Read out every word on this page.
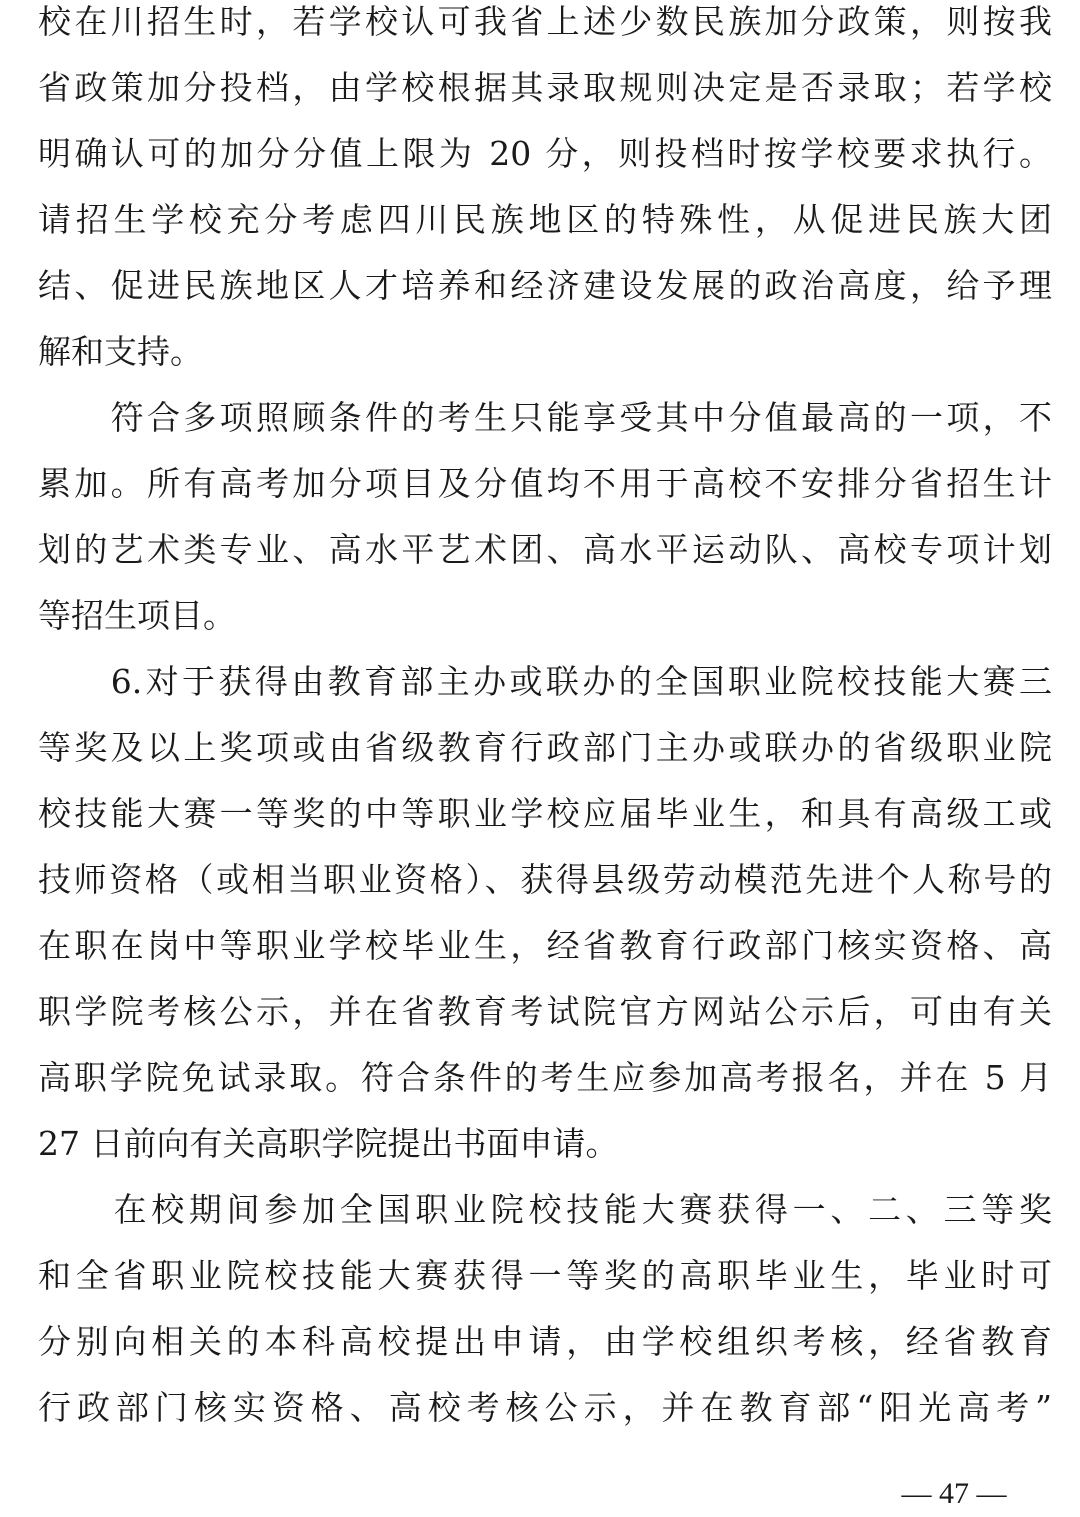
校在川招生时，若学校认可我省上述少数民族加分政策，则按我
省政策加分投档，由学校根据其录取规则决定是否录取；若学校
明确认可的加分分值上限为 20 分，则投档时按学校要求执行。
请招生学校充分考虑四川民族地区的特殊性，从促进民族大团
结、促进民族地区人才培养和经济建设发展的政治高度，给予理
解和支持。
　　符合多项照顾条件的考生只能享受其中分值最高的一项，不
累加。所有高考加分项目及分值均不用于高校不安排分省招生计
划的艺术类专业、高水平艺术团、高水平运动队、高校专项计划
等招生项目。
　　6.对于获得由教育部主办或联办的全国职业院校技能大赛三
等奖及以上奖项或由省级教育行政部门主办或联办的省级职业院
校技能大赛一等奖的中等职业学校应届毕业生，和具有高级工或
技师资格（或相当职业资格）、获得县级劳动模范先进个人称号的
在职在岗中等职业学校毕业生，经省教育行政部门核实资格、高
职学院考核公示，并在省教育考试院官方网站公示后，可由有关
高职学院免试录取。符合条件的考生应参加高考报名，并在 5 月
27 日前向有关高职学院提出书面申请。
　　在校期间参加全国职业院校技能大赛获得一、二、三等奖
和全省职业院校技能大赛获得一等奖的高职毕业生，毕业时可
分别向相关的本科高校提出申请，由学校组织考核，经省教育
行政部门核实资格、高校考核公示，并在教育部“阳光高考”
— 47 —
